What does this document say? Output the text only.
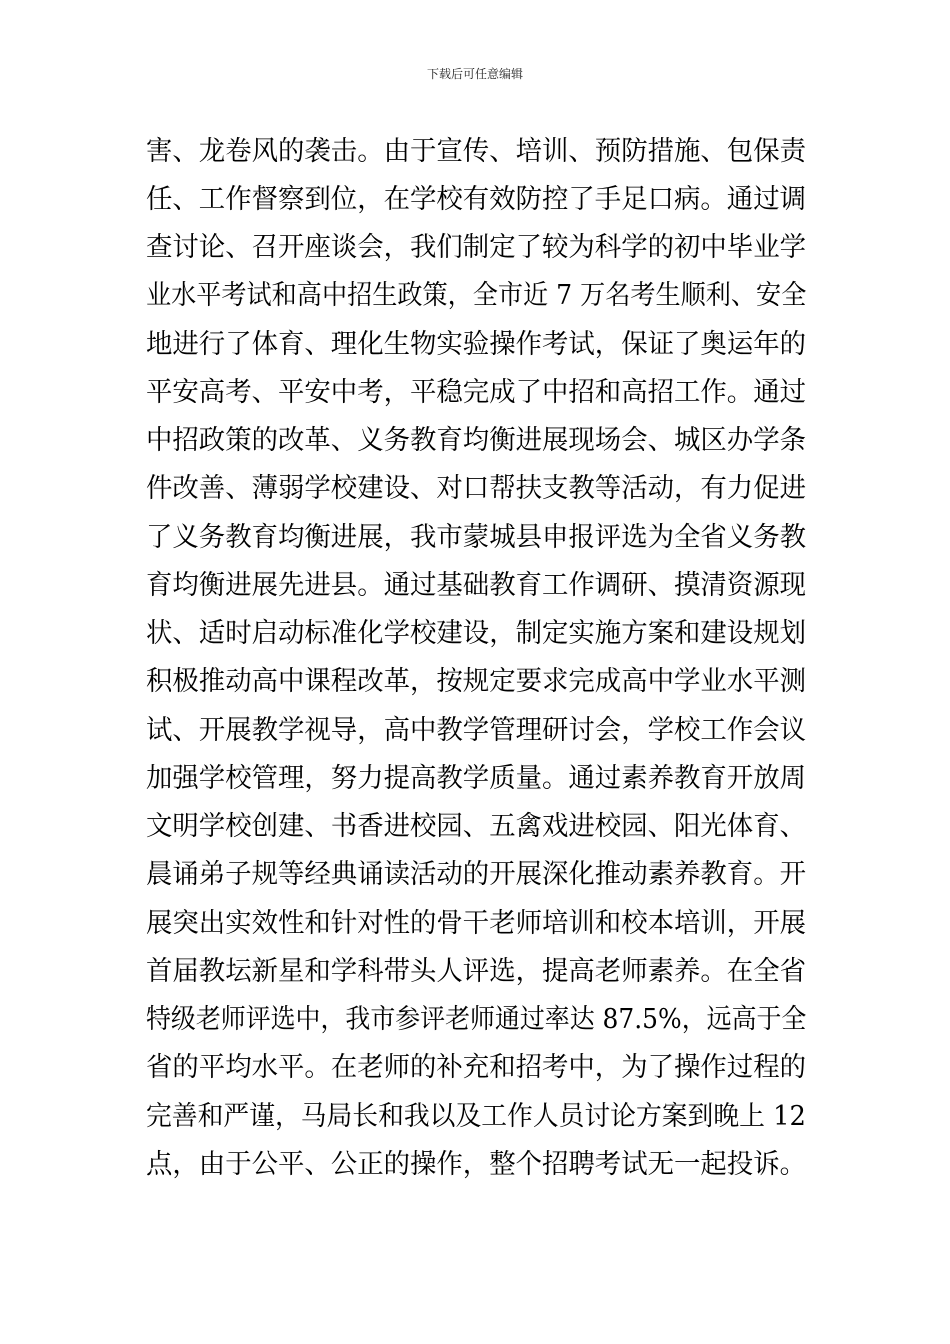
下载后可任意编辑
害、龙卷风的袭击。由于宣传、培训、预防措施、包保责
任、工作督察到位，在学校有效防控了手足口病。通过调
查讨论、召开座谈会，我们制定了较为科学的初中毕业学
业水平考试和高中招生政策，全市近 7 万名考生顺利、安全
地进行了体育、理化生物实验操作考试，保证了奥运年的
平安高考、平安中考，平稳完成了中招和高招工作。通过
中招政策的改革、义务教育均衡进展现场会、城区办学条
件改善、薄弱学校建设、对口帮扶支教等活动，有力促进
了义务教育均衡进展，我市蒙城县申报评选为全省义务教
育均衡进展先进县。通过基础教育工作调研、摸清资源现
状、适时启动标准化学校建设，制定实施方案和建设规划
积极推动高中课程改革，按规定要求完成高中学业水平测
试、开展教学视导，高中教学管理研讨会，学校工作会议
加强学校管理，努力提高教学质量。通过素养教育开放周
文明学校创建、书香进校园、五禽戏进校园、阳光体育、
晨诵弟子规等经典诵读活动的开展深化推动素养教育。开
展突出实效性和针对性的骨干老师培训和校本培训，开展
首届教坛新星和学科带头人评选，提高老师素养。在全省
特级老师评选中，我市参评老师通过率达 87.5%，远高于全
省的平均水平。在老师的补充和招考中，为了操作过程的
完善和严谨，马局长和我以及工作人员讨论方案到晚上 12
点，由于公平、公正的操作，整个招聘考试无一起投诉。
